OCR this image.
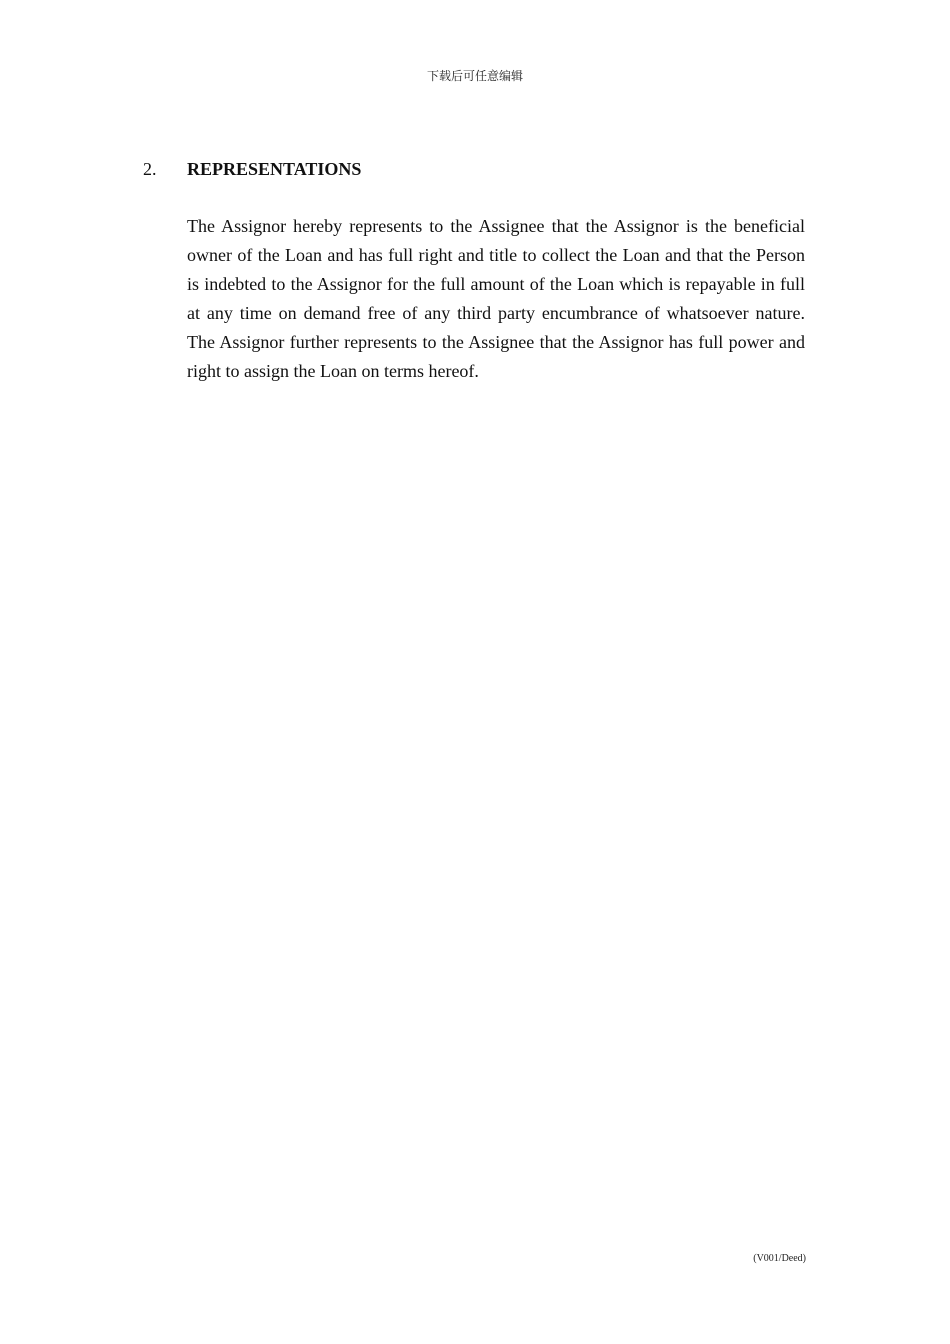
下载后可任意编辑
2. REPRESENTATIONS

The Assignor hereby represents to the Assignee that the Assignor is the beneficial owner of the Loan and has full right and title to collect the Loan and that the Person is indebted to the Assignor for the full amount of the Loan which is repayable in full at any time on demand free of any third party encumbrance of whatsoever nature.  The Assignor further represents to the Assignee that the Assignor has full power and right to assign the Loan on terms hereof.

(V001/Deed)
